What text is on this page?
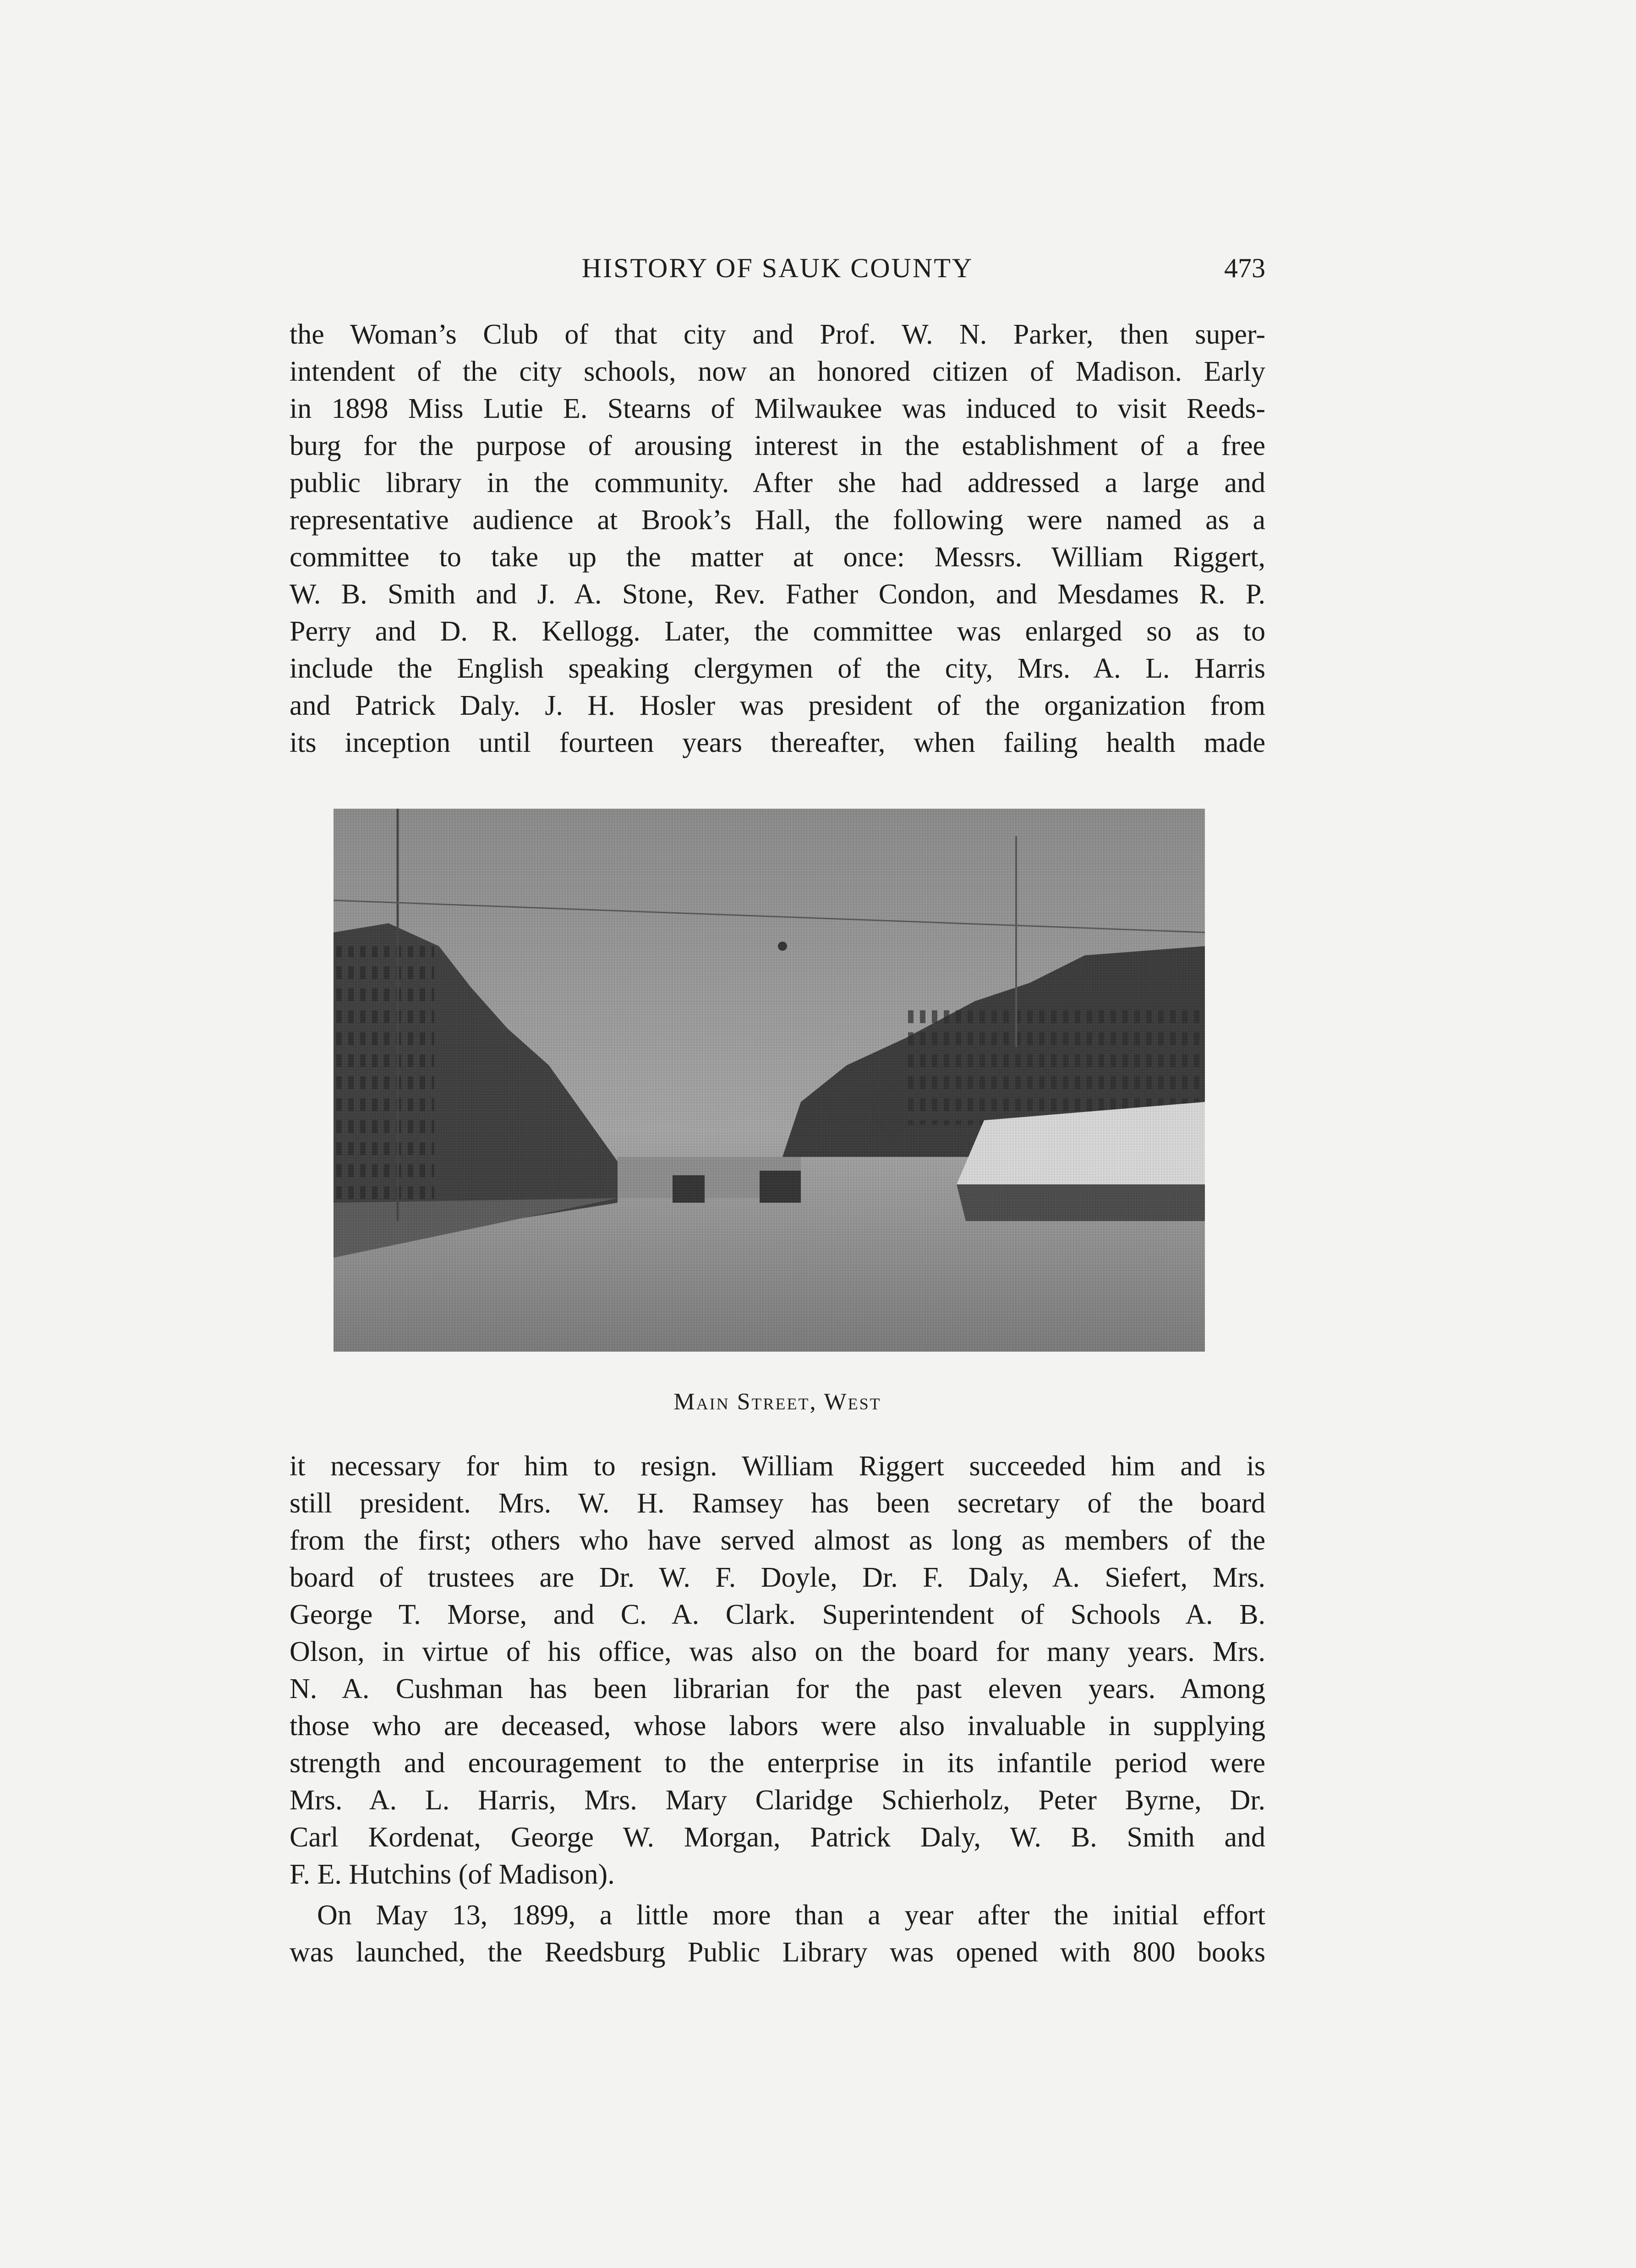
HISTORY OF SAUK COUNTY	473

the Woman’s Club of that city and Prof. W. N. Parker, then super-
intendent of the city schools, now an honored citizen of Madison. Early
in 1898 Miss Lutie E. Stearns of Milwaukee was induced to visit Reeds-
burg for the purpose of arousing interest in the establishment of a free
public library in the community. After she had addressed a large and
representative audience at Brook’s Hall, the following were named as a
committee to take up the matter at once: Messrs. William Riggert,
W. B. Smith and J. A. Stone, Rev. Father Condon, and Mesdames R. P.
Perry and D. R. Kellogg. Later, the committee was enlarged so as to
include the English speaking clergymen of the city, Mrs. A. L. Harris
and Patrick Daly. J. H. Hosler was president of the organization from
its inception until fourteen years thereafter, when failing health made

Main Street, West

it necessary for him to resign. William Riggert succeeded him and is
still president. Mrs. W. H. Ramsey has been secretary of the board
from the first; others who have served almost as long as members of the
board of trustees are Dr. W. F. Doyle, Dr. F. Daly, A. Siefert, Mrs.
George T. Morse, and C. A. Clark. Superintendent of Schools A. B.
Olson, in virtue of his office, was also on the board for many years. Mrs.
N. A. Cushman has been librarian for the past eleven years. Among
those who are deceased, whose labors were also invaluable in supplying
strength and encouragement to the enterprise in its infantile period were
Mrs. A. L. Harris, Mrs. Mary Claridge Schierholz, Peter Byrne, Dr.
Carl Kordenat, George W. Morgan, Patrick Daly, W. B. Smith and
F. E. Hutchins (of Madison).

On May 13, 1899, a little more than a year after the initial effort
was launched, the Reedsburg Public Library was opened with 800 books
